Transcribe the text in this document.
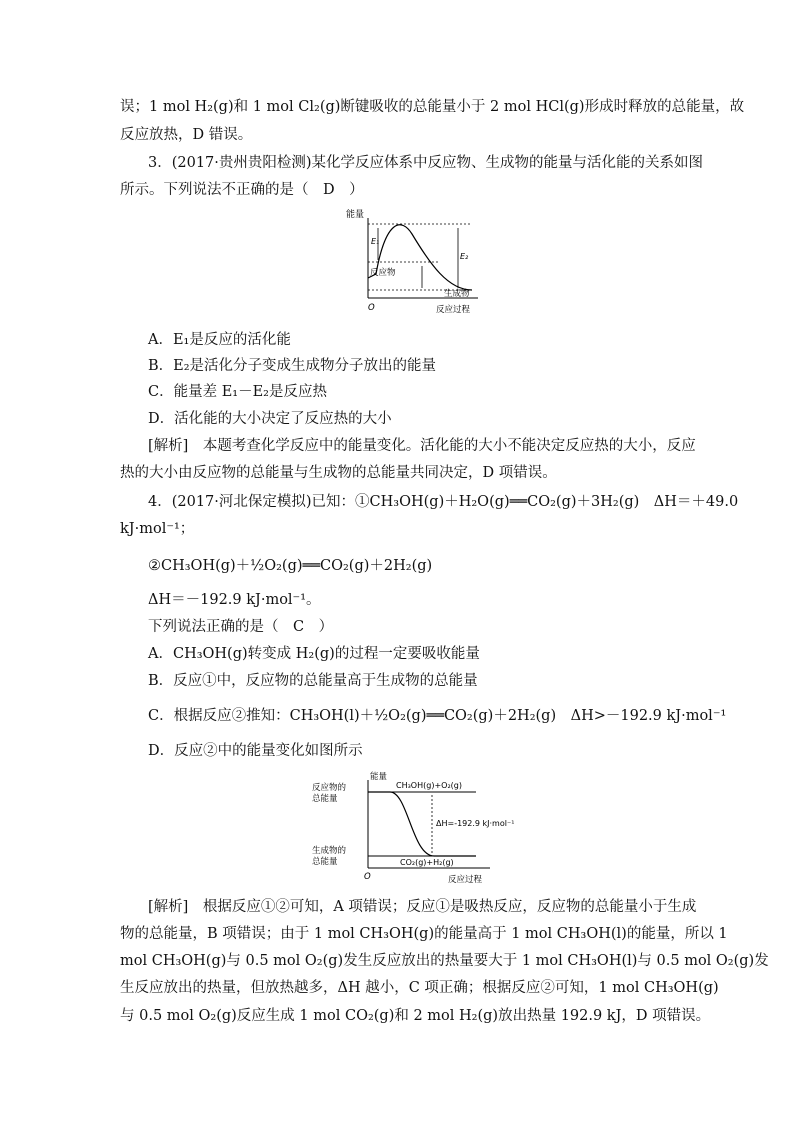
误；1 mol H₂(g)和 1 mol Cl₂(g)断键吸收的总能量小于 2 mol HCl(g)形成时释放的总能量，故
反应放热，D 错误。
3．(2017·贵州贵阳检测)某化学反应体系中反应物、生成物的能量与活化能的关系如图
所示。下列说法不正确的是（　D　）
能量
E₁
E₂
反应物
生成物
O	反应过程
A．E₁是反应的活化能
B．E₂是活化分子变成生成物分子放出的能量
C．能量差 E₁－E₂是反应热
D．活化能的大小决定了反应热的大小
[解析]　本题考查化学反应中的能量变化。活化能的大小不能决定反应热的大小，反应
热的大小由反应物的总能量与生成物的总能量共同决定，D 项错误。
4．(2017·河北保定模拟)已知：①CH₃OH(g)＋H₂O(g)══CO₂(g)＋3H₂(g)　ΔH＝＋49.0
kJ·mol⁻¹；
②CH₃OH(g)＋½O₂(g)══CO₂(g)＋2H₂(g)
ΔH＝－192.9 kJ·mol⁻¹。
下列说法正确的是（　C　）
A．CH₃OH(g)转变成 H₂(g)的过程一定要吸收能量
B．反应①中，反应物的总能量高于生成物的总能量
C．根据反应②推知：CH₃OH(l)＋½O₂(g)══CO₂(g)＋2H₂(g)　ΔH>－192.9 kJ·mol⁻¹
D．反应②中的能量变化如图所示
能量
CH₃OH(g)+O₂(g)
反应物的
总能量
生成物的
总能量
ΔH=-192.9 kJ·mol⁻¹
CO₂(g)+H₂(g)
O	反应过程
[解析]　根据反应①②可知，A 项错误；反应①是吸热反应，反应物的总能量小于生成
物的总能量，B 项错误；由于 1 mol CH₃OH(g)的能量高于 1 mol CH₃OH(l)的能量，所以 1
mol CH₃OH(g)与 0.5 mol O₂(g)发生反应放出的热量要大于 1 mol CH₃OH(l)与 0.5 mol O₂(g)发
生反应放出的热量，但放热越多，ΔH 越小，C 项正确；根据反应②可知，1 mol CH₃OH(g)
与 0.5 mol O₂(g)反应生成 1 mol CO₂(g)和 2 mol H₂(g)放出热量 192.9 kJ，D 项错误。
